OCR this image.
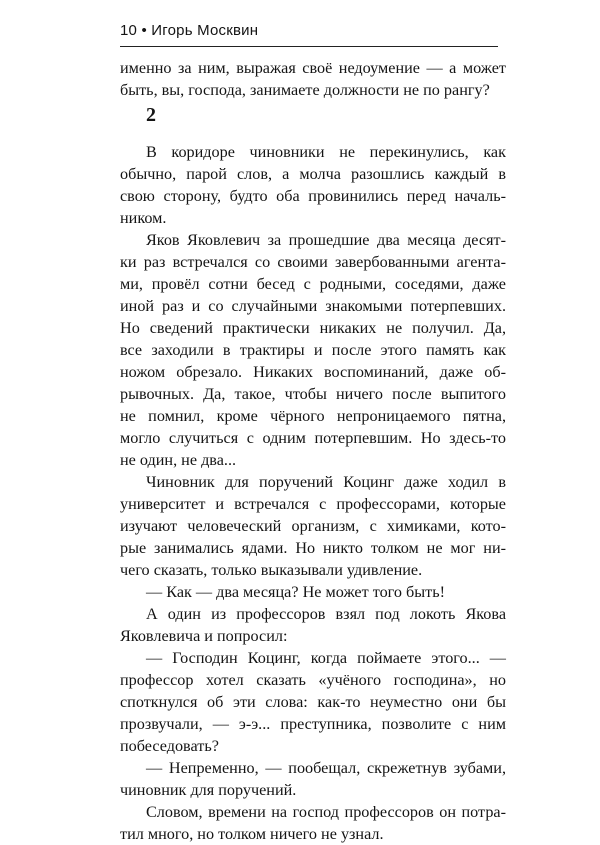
10 • Игорь Москвин
именно за ним, выражая своё недоумение — а может
быть, вы, господа, занимаете должности не по рангу?
2
В коридоре чиновники не перекинулись, как
обычно, парой слов, а молча разошлись каждый в
свою сторону, будто оба провинились перед началь-
ником.
Яков Яковлевич за прошедшие два месяца десят-
ки раз встречался со своими завербованными агента-
ми, провёл сотни бесед с родными, соседями, даже
иной раз и со случайными знакомыми потерпевших.
Но сведений практически никаких не получил. Да,
все заходили в трактиры и после этого память как
ножом обрезало. Никаких воспоминаний, даже об-
рывочных. Да, такое, чтобы ничего после выпитого
не помнил, кроме чёрного непроницаемого пятна,
могло случиться с одним потерпевшим. Но здесь-то
не один, не два...
Чиновник для поручений Коцинг даже ходил в
университет и встречался с профессорами, которые
изучают человеческий организм, с химиками, кото-
рые занимались ядами. Но никто толком не мог ни-
чего сказать, только выказывали удивление.
— Как — два месяца? Не может того быть!
А один из профессоров взял под локоть Якова
Яковлевича и попросил:
— Господин Коцинг, когда поймаете этого... —
профессор хотел сказать «учёного господина», но
споткнулся об эти слова: как-то неуместно они бы
прозвучали, — э-э... преступника, позволите с ним
побеседовать?
— Непременно, — пообещал, скрежетнув зубами,
чиновник для поручений.
Словом, времени на господ профессоров он потра-
тил много, но толком ничего не узнал.
